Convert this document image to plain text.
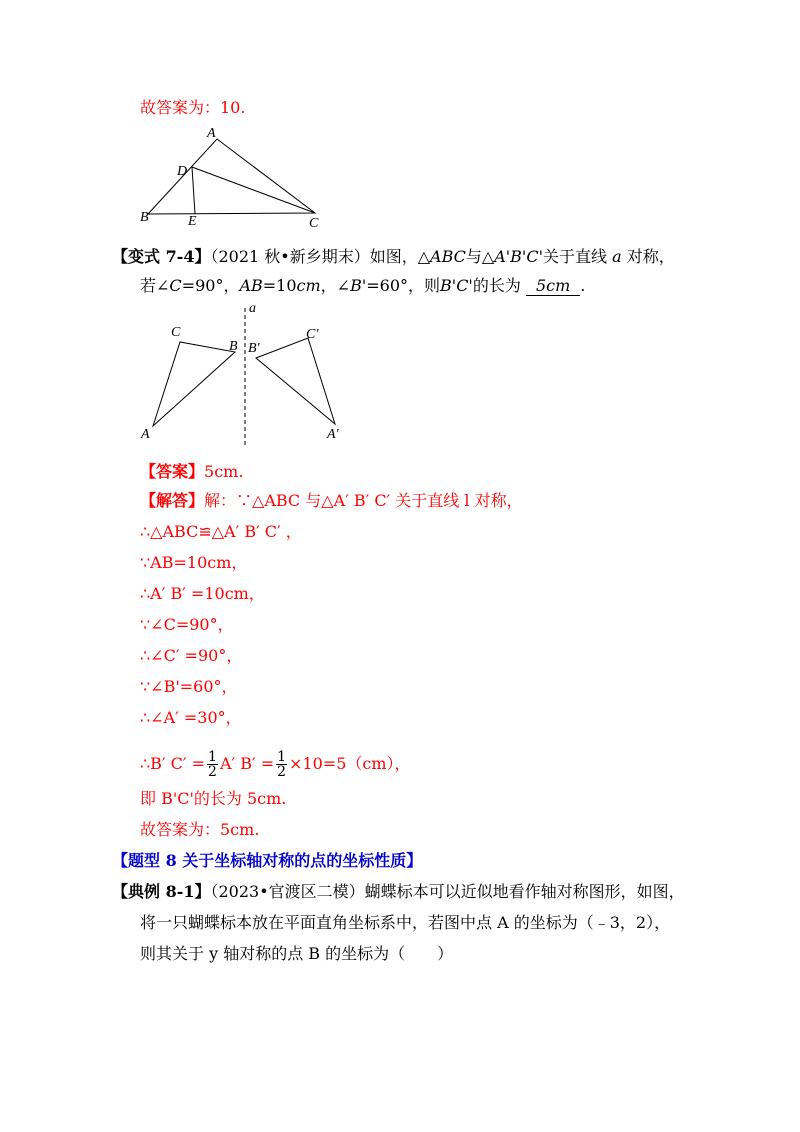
故答案为：10.
A
D
B	E	C
【变式 7-4】（2021 秋•新乡期末）如图，△ABC与△A'B'C'关于直线 a 对称，
若∠C=90°，AB=10cm，∠B'=60°，则B'C'的长为 5cm .
a
C
B
A
B′
C′
A′
【答案】5cm.
【解答】解：∵△ABC 与△A′ B′ C′ 关于直线 l 对称，
∴△ABC≌△A′ B′ C′ ，
∵AB=10cm，
∴A′ B′ =10cm，
∵∠C=90°，
∴∠C′ =90°，
∵∠B'=60°，
∴∠A′ =30°，
∴B′ $C' = \frac{1}{2} A'$ $B' = \frac{1}{2} \times 10=5(cm)$，
即 B'C'的长为 5cm.
故答案为：5cm.
【题型 8 关于坐标轴对称的点的坐标性质】
【典例 8-1】（2023•官渡区二模）蝴蝶标本可以近似地看作轴对称图形，如图，
将一只蝴蝶标本放在平面直角坐标系中，若图中点 A 的坐标为（﹣3，2），
则其关于 y 轴对称的点 B 的坐标为（　　）
